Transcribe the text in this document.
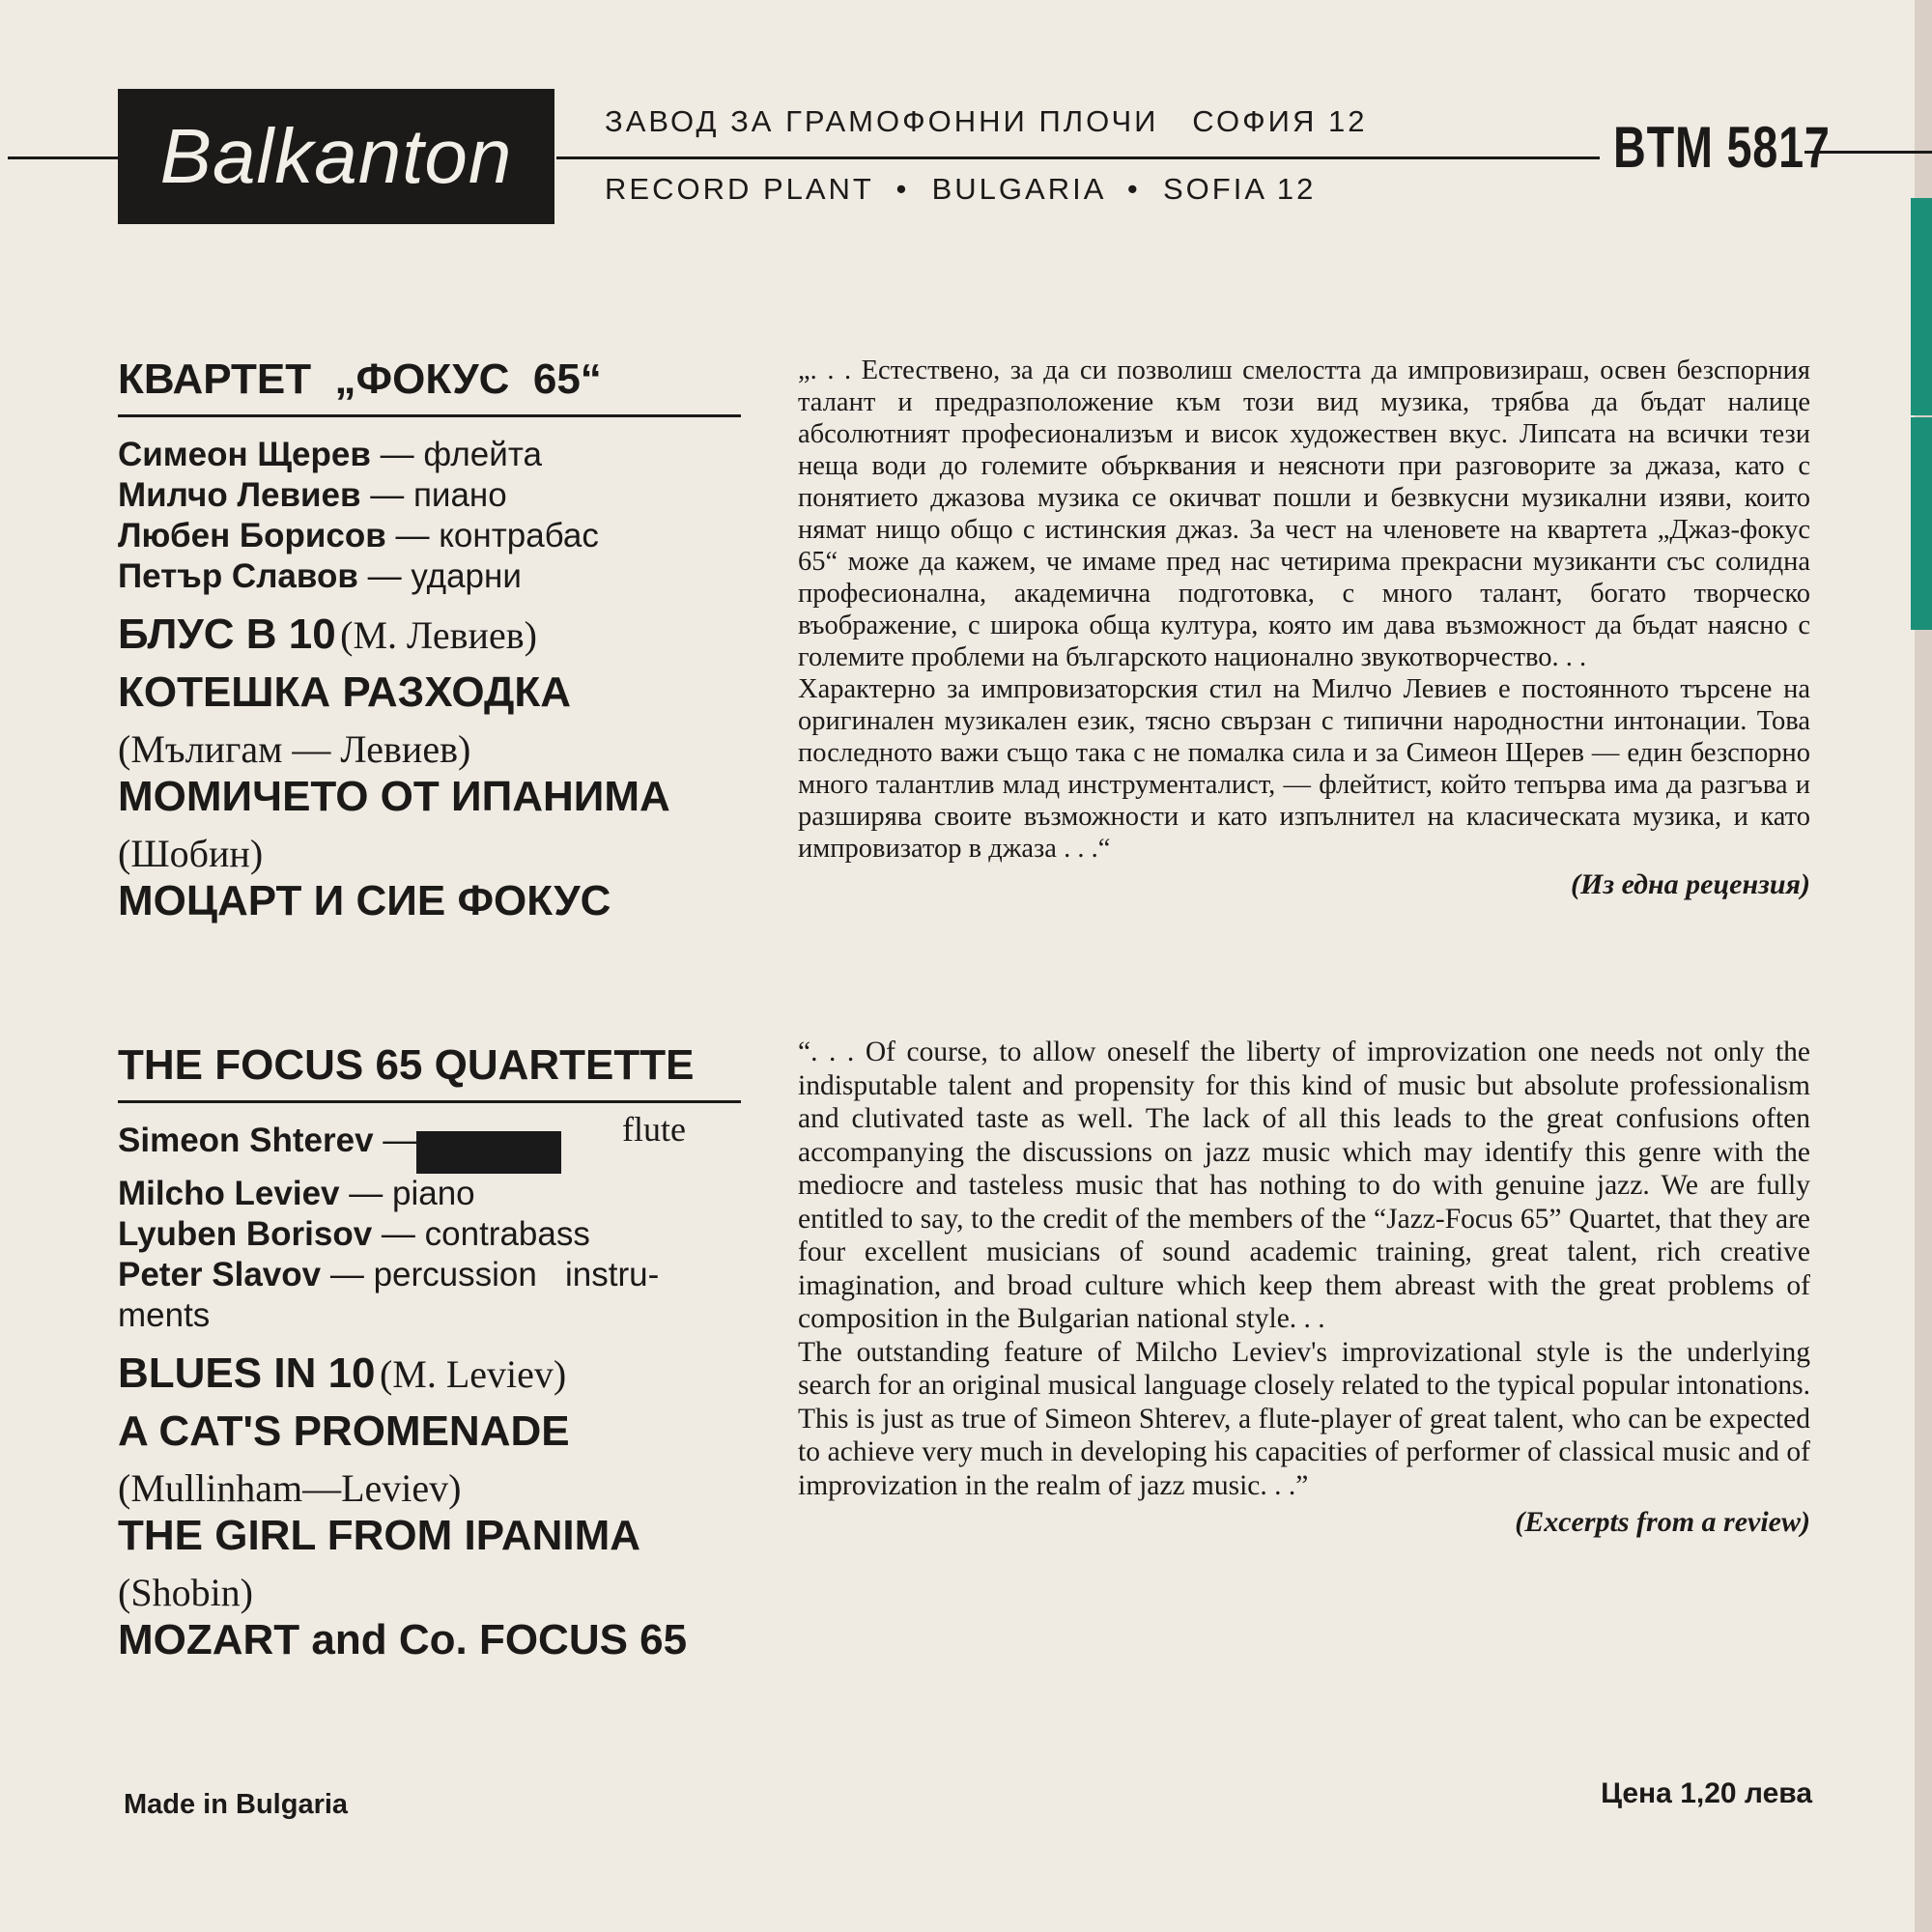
Balkanton	ЗАВОД ЗА ГРАМОФОННИ ПЛОЧИ   СОФИЯ 12
RECORD PLANT  •  BULGARIA  •  SOFIA 12
BTM 5817
КВАРТЕТ  „ФОКУС  65“
Симеон Щерев — флейта
Милчо Левиев — пиано
Любен Борисов — контрабас
Петър Славов — ударни
БЛУС В 10 (М. Левиев)
КОТЕШКА РАЗХОДКА
(Мълигам — Левиев)
МОМИЧЕТО ОТ ИПАНИМА
(Шобин)
МОЦАРТ И СИЕ ФОКУС
THE FOCUS 65 QUARTETTE
Simeon Shterev —violin
Milcho Leviev — piano
Lyuben Borisov — contrabass
Peter Slavov — percussion   instru-
ments
BLUES IN 10 (M. Leviev)
A CAT'S PROMENADE
(Mullinham—Leviev)
THE GIRL FROM IPANIMA
(Shobin)
MOZART and Co. FOCUS 65
flute

„. . . Естествено, за да си позволиш смелостта да импровизираш, освен безспорния талант и предразположение към този вид музика, трябва да бъдат налице абсолютният професионализъм и висок художествен вкус. Липсата на всички тези неща води до големите обърквания и неясноти при разговорите за джаза, като с понятието джазова музика се окичват пошли и безвкусни музикални изяви, които нямат нищо общо с истинския джаз. За чест на членовете на квартета „Джаз-фокус 65“ може да кажем, че имаме пред нас четирима прекрасни музиканти със солидна професионална, академична подготовка, с много талант, богато творческо въображение, с широка обща култура, която им дава възможност да бъдат наясно с големите проблеми на българското национално звукотворчество. . .

Характерно за импровизаторския стил на Милчо Левиев е постоянното търсене на оригинален музикален език, тясно свързан с типични народностни интонации. Това последното важи също така с не помалка сила и за Симеон Щерев — един безспорно много талантлив млад инструменталист, — флейтист, който тепърва има да разгъва и разширява своите възможности и като изпълнител на класическата музика, и като импровизатор в джаза . . .“

(Из една рецензия)

“. . . Of course, to allow oneself the liberty of improvization one needs not only the indisputable talent and propensity for this kind of music but absolute professionalism and clutivated taste as well. The lack of all this leads to the great confusions often accompanying the discussions on jazz music which may identify this genre with the mediocre and tasteless music that has nothing to do with genuine jazz. We are fully entitled to say, to the credit of the members of the “Jazz-Focus 65” Quartet, that they are four excellent musicians of sound academic training, great talent, rich creative imagination, and broad culture which keep them abreast with the great problems of composition in the Bulgarian national style. . .

The outstanding feature of Milcho Leviev's improvizational style is the underlying search for an original musical language closely related to the typical popular intonations. This is just as true of Simeon Shterev, a flute-player of great talent, who can be expected to achieve very much in developing his capacities of performer of classical music and of improvization in the realm of jazz music. . .”

(Excerpts from a review)
Made in Bulgaria	Цена 1,20 лева
